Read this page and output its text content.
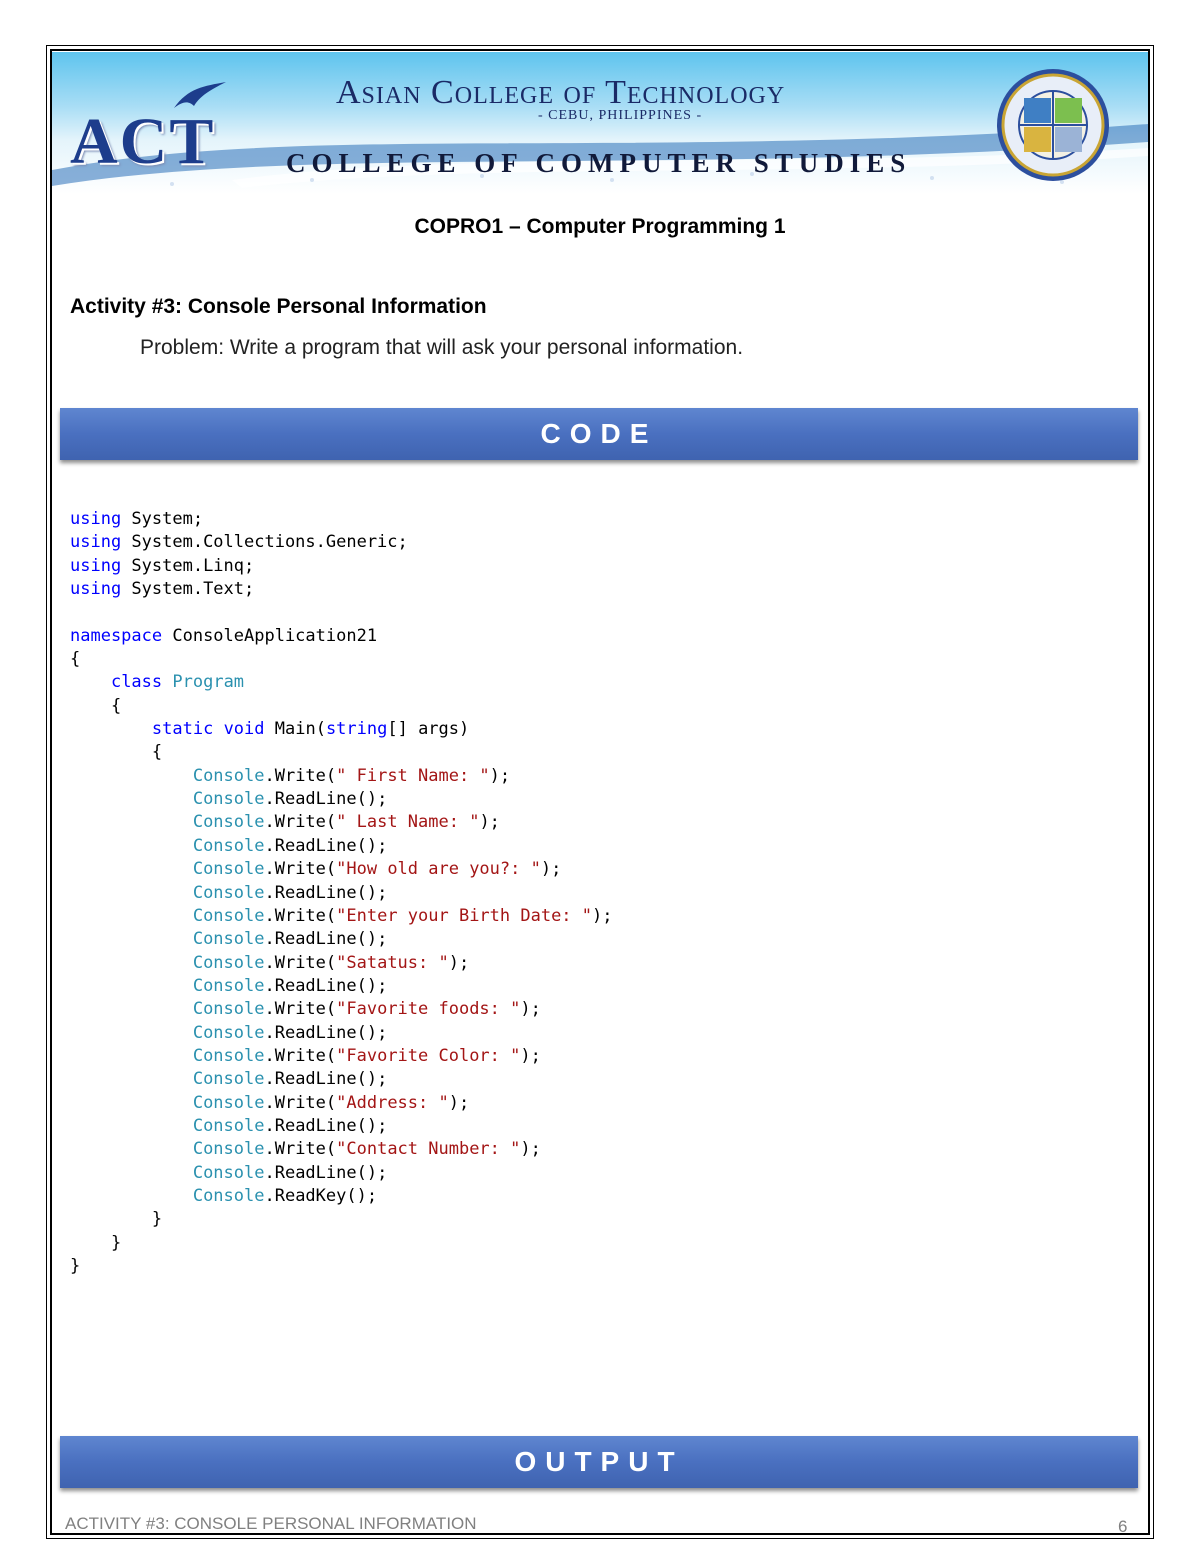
ACT
Asian College of Technology
- CEBU, PHILIPPINES -
COLLEGE OF COMPUTER STUDIES
COPRO1 – Computer Programming 1
Activity #3: Console Personal Information
Problem: Write a program that will ask your personal information.
CODE
using System;
using System.Collections.Generic;
using System.Linq;
using System.Text;

namespace ConsoleApplication21
{
class Program
{
static void Main(string[] args)
{
Console.Write(" First Name: ");
Console.ReadLine();
Console.Write(" Last Name: ");
Console.ReadLine();
Console.Write("How old are you?: ");
Console.ReadLine();
Console.Write("Enter your Birth Date: ");
Console.ReadLine();
Console.Write("Satatus: ");
Console.ReadLine();
Console.Write("Favorite foods: ");
Console.ReadLine();
Console.Write("Favorite Color: ");
Console.ReadLine();
Console.Write("Address: ");
Console.ReadLine();
Console.Write("Contact Number: ");
Console.ReadLine();
Console.ReadKey();
}
}
}
OUTPUT
ACTIVITY #3: CONSOLE PERSONAL INFORMATION	6
